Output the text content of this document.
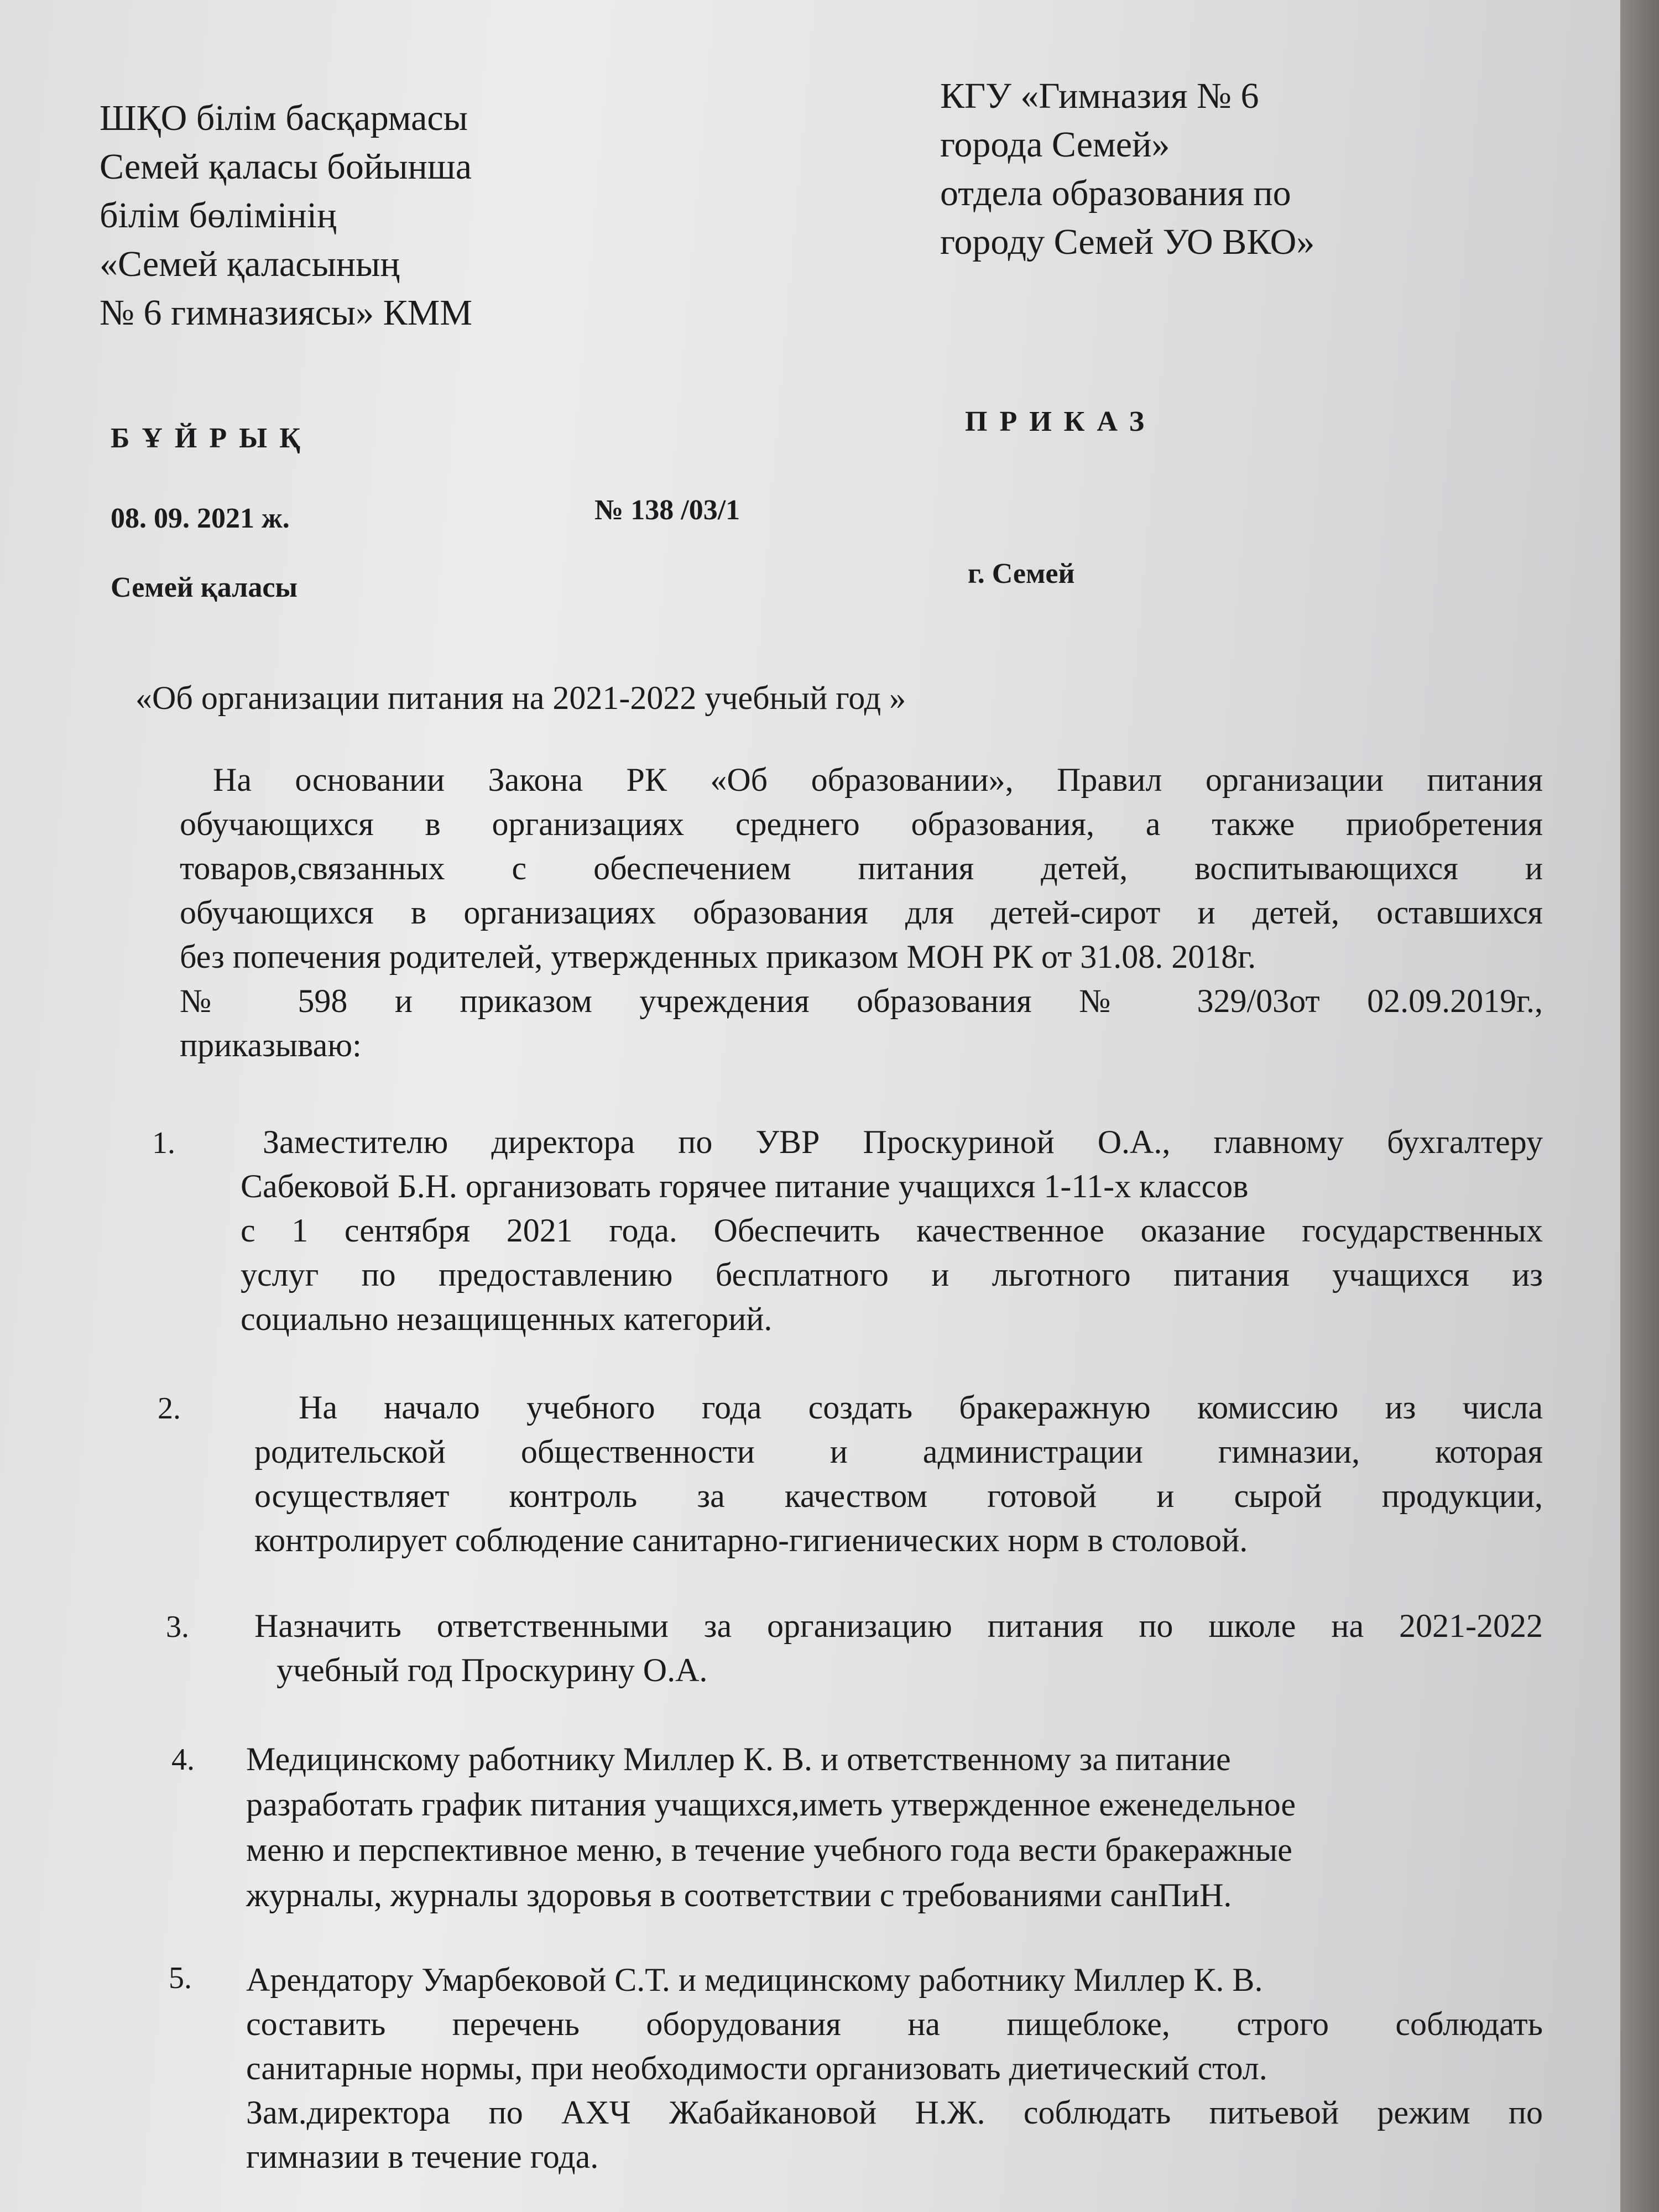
ШҚО білім басқармасы
Семей қаласы бойынша
білім бөлімінің
«Семей қаласының
№ 6 гимназиясы» КММ
КГУ «Гимназия № 6
города Семей»
отдела образования по
городу Семей УО ВКО»
БҰЙРЫҚ
ПРИКАЗ
08. 09. 2021 ж.	№ 138 /03/1
Семей қаласы	г. Семей
«Об организации питания на 2021-2022 учебный год »
На основании Закона РК «Об образовании», Правил организации питания
обучающихся в организациях среднего образования, а также приобретения
товаров,связанных с обеспечением питания детей, воспитывающихся и
обучающихся в организациях образования для детей-сирот и детей, оставшихся
без попечения родителей, утвержденных приказом МОН РК от 31.08. 2018г.
№ 598 и приказом учреждения образования № 329/03от 02.09.2019г.,
приказываю:
1.	Заместителю директора по УВР Проскуриной О.А., главному бухгалтеру
Сабековой Б.Н. организовать горячее питание учащихся 1-11-х классов
с 1 сентября 2021 года. Обеспечить качественное оказание государственных
услуг по предоставлению бесплатного и льготного питания учащихся из
социально незащищенных категорий.
2.	На начало учебного года создать бракеражную комиссию из числа
родительской общественности и администрации гимназии, которая
осуществляет контроль за качеством готовой и сырой продукции,
контролирует соблюдение санитарно-гигиенических норм в столовой.
3. Назначить ответственными за организацию питания по школе на 2021-2022
учебный год Проскурину О.А.
4. Медицинскому работнику Миллер К. В. и ответственному за питание
разработать график питания учащихся,иметь утвержденное еженедельное
меню и перспективное меню, в течение учебного года вести бракеражные
журналы, журналы здоровья в соответствии с требованиями санПиН.
5. Арендатору Умарбековой С.Т. и медицинскому работнику Миллер К. В.
составить перечень оборудования на пищеблоке, строго соблюдать
санитарные нормы, при необходимости организовать диетический стол.
Зам.директора по АХЧ Жабайкановой Н.Ж. соблюдать питьевой режим по
гимназии в течение года.
